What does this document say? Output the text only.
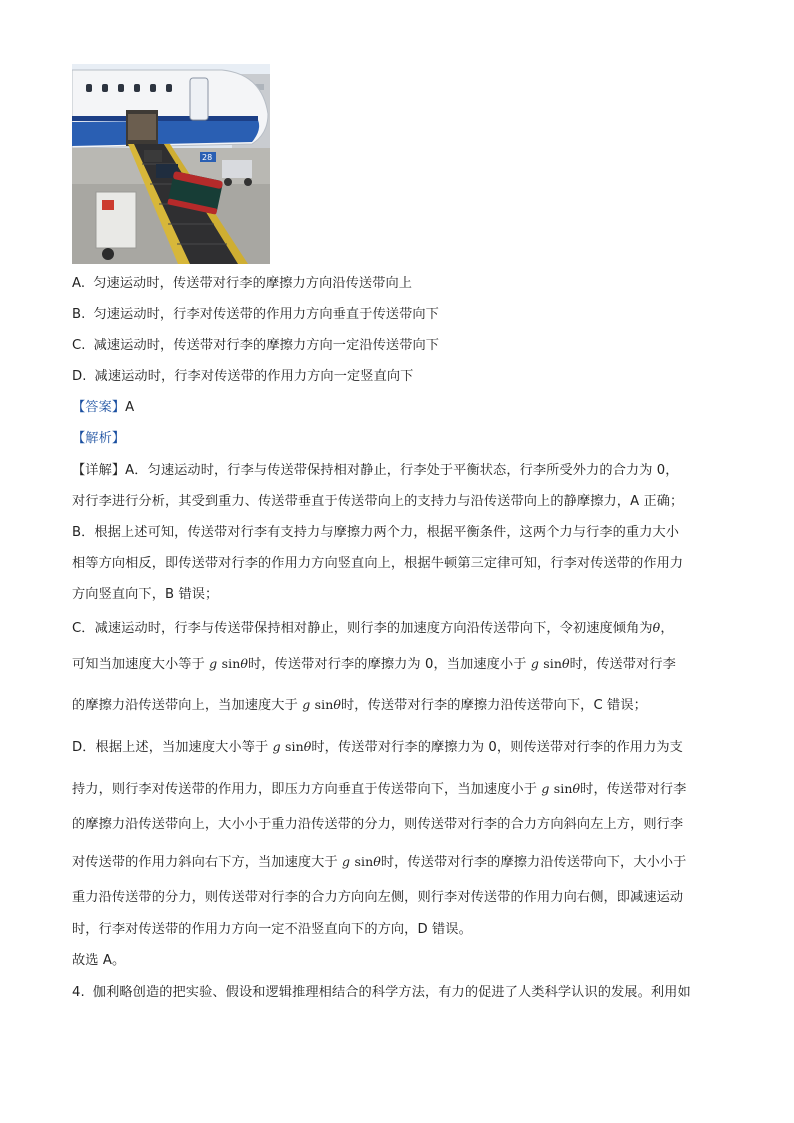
28
A. 匀速运动时，传送带对行李的摩擦力方向沿传送带向上
B. 匀速运动时，行李对传送带的作用力方向垂直于传送带向下
C. 减速运动时，传送带对行李的摩擦力方向一定沿传送带向下
D. 减速运动时，行李对传送带的作用力方向一定竖直向下
【答案】A
【解析】
【详解】A．匀速运动时，行李与传送带保持相对静止，行李处于平衡状态，行李所受外力的合力为 0，
对行李进行分析，其受到重力、传送带垂直于传送带向上的支持力与沿传送带向上的静摩擦力，A 正确；
B．根据上述可知，传送带对行李有支持力与摩擦力两个力，根据平衡条件，这两个力与行李的重力大小
相等方向相反，即传送带对行李的作用力方向竖直向上，根据牛顿第三定律可知，行李对传送带的作用力
方向竖直向下，B 错误；
C．减速运动时，行李与传送带保持相对静止，则行李的加速度方向沿传送带向下，令初速度倾角为θ，
可知当加速度大小等于 g sinθ时，传送带对行李的摩擦力为 0，当加速度小于 g sinθ时，传送带对行李
的摩擦力沿传送带向上，当加速度大于 g sinθ时，传送带对行李的摩擦力沿传送带向下，C 错误；
D．根据上述，当加速度大小等于 g sinθ时，传送带对行李的摩擦力为 0，则传送带对行李的作用力为支
持力，则行李对传送带的作用力，即压力方向垂直于传送带向下，当加速度小于 g sinθ时，传送带对行李
的摩擦力沿传送带向上，大小小于重力沿传送带的分力，则传送带对行李的合力方向斜向左上方，则行李
对传送带的作用力斜向右下方，当加速度大于 g sinθ时，传送带对行李的摩擦力沿传送带向下，大小小于
重力沿传送带的分力，则传送带对行李的合力方向向左侧，则行李对传送带的作用力向右侧，即减速运动
时，行李对传送带的作用力方向一定不沿竖直向下的方向，D 错误。
故选 A。
4. 伽利略创造的把实验、假设和逻辑推理相结合的科学方法，有力的促进了人类科学认识的发展。利用如
